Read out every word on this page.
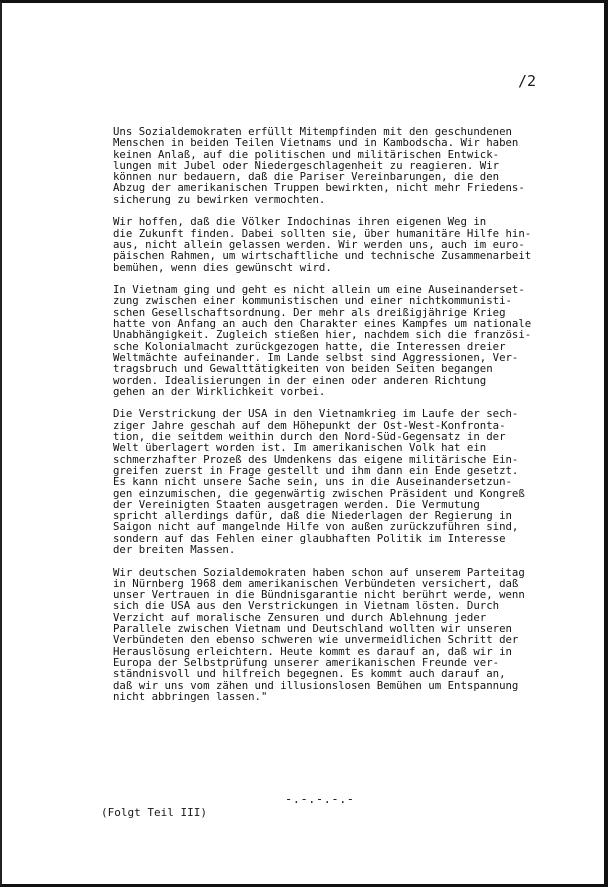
/2
Uns Sozialdemokraten erfüllt Mitempfinden mit den geschundenen
Menschen in beiden Teilen Vietnams und in Kambodscha. Wir haben
keinen Anlaß, auf die politischen und militärischen Entwick-
lungen mit Jubel oder Niedergeschlagenheit zu reagieren. Wir
können nur bedauern, daß die Pariser Vereinbarungen, die den
Abzug der amerikanischen Truppen bewirkten, nicht mehr Friedens-
sicherung zu bewirken vermochten.

Wir hoffen, daß die Völker Indochinas ihren eigenen Weg in
die Zukunft finden. Dabei sollten sie, über humanitäre Hilfe hin-
aus, nicht allein gelassen werden. Wir werden uns, auch im euro-
päischen Rahmen, um wirtschaftliche und technische Zusammenarbeit
bemühen, wenn dies gewünscht wird.

In Vietnam ging und geht es nicht allein um eine Auseinanderset-
zung zwischen einer kommunistischen und einer nichtkommunisti-
schen Gesellschaftsordnung. Der mehr als dreißigjährige Krieg
hatte von Anfang an auch den Charakter eines Kampfes um nationale
Unabhängigkeit. Zugleich stießen hier, nachdem sich die französi-
sche Kolonialmacht zurückgezogen hatte, die Interessen dreier
Weltmächte aufeinander. Im Lande selbst sind Aggressionen, Ver-
tragsbruch und Gewalttätigkeiten von beiden Seiten begangen
worden. Idealisierungen in der einen oder anderen Richtung
gehen an der Wirklichkeit vorbei.

Die Verstrickung der USA in den Vietnamkrieg im Laufe der sech-
ziger Jahre geschah auf dem Höhepunkt der Ost-West-Konfronta-
tion, die seitdem weithin durch den Nord-Süd-Gegensatz in der
Welt überlagert worden ist. Im amerikanischen Volk hat ein
schmerzhafter Prozeß des Umdenkens das eigene militärische Ein-
greifen zuerst in Frage gestellt und ihm dann ein Ende gesetzt.
Es kann nicht unsere Sache sein, uns in die Auseinandersetzun-
gen einzumischen, die gegenwärtig zwischen Präsident und Kongreß
der Vereinigten Staaten ausgetragen werden. Die Vermutung
spricht allerdings dafür, daß die Niederlagen der Regierung in
Saigon nicht auf mangelnde Hilfe von außen zurückzuführen sind,
sondern auf das Fehlen einer glaubhaften Politik im Interesse
der breiten Massen.

Wir deutschen Sozialdemokraten haben schon auf unserem Parteitag
in Nürnberg 1968 dem amerikanischen Verbündeten versichert, daß
unser Vertrauen in die Bündnisgarantie nicht berührt werde, wenn
sich die USA aus den Verstrickungen in Vietnam lösten. Durch
Verzicht auf moralische Zensuren und durch Ablehnung jeder
Parallele zwischen Vietnam und Deutschland wollten wir unseren
Verbündeten den ebenso schweren wie unvermeidlichen Schritt der
Herauslösung erleichtern. Heute kommt es darauf an, daß wir in
Europa der Selbstprüfung unserer amerikanischen Freunde ver-
ständnisvoll und hilfreich begegnen. Es kommt auch darauf an,
daß wir uns vom zähen und illusionslosen Bemühen um Entspannung
nicht abbringen lassen."
-.-.-.-.-
(Folgt Teil III)
